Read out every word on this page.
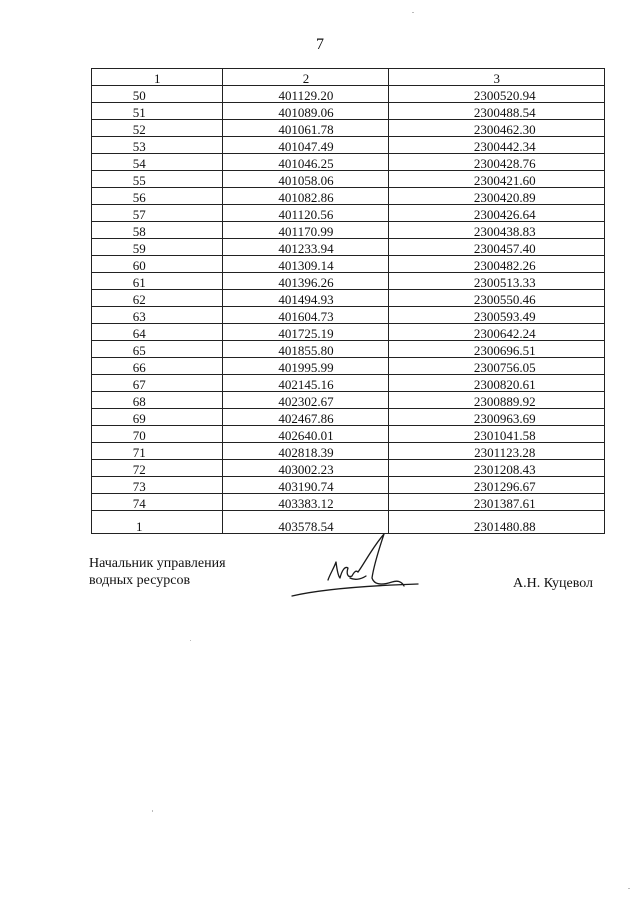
7
1	2	3
50	401129.20	2300520.94
51	401089.06	2300488.54
52	401061.78	2300462.30
53	401047.49	2300442.34
54	401046.25	2300428.76
55	401058.06	2300421.60
56	401082.86	2300420.89
57	401120.56	2300426.64
58	401170.99	2300438.83
59	401233.94	2300457.40
60	401309.14	2300482.26
61	401396.26	2300513.33
62	401494.93	2300550.46
63	401604.73	2300593.49
64	401725.19	2300642.24
65	401855.80	2300696.51
66	401995.99	2300756.05
67	402145.16	2300820.61
68	402302.67	2300889.92
69	402467.86	2300963.69
70	402640.01	2301041.58
71	402818.39	2301123.28
72	403002.23	2301208.43
73	403190.74	2301296.67
74	403383.12	2301387.61
1	403578.54	2301480.88
Начальник управления
водных ресурсов	А.Н. Куцевол
